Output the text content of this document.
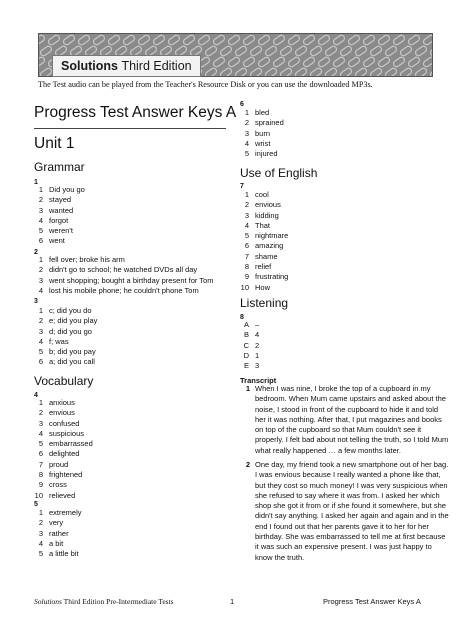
Solutions Third Edition
The Test audio can be played from the Teacher's Resource Disk or you can use the downloaded MP3s.
Progress Test Answer Keys A
Unit 1
Grammar
1
1 Did you go
2 stayed
3 wanted
4 forgot
5 weren't
6 went
2
1 fell over; broke his arm
2 didn't go to school; he watched DVDs all day
3 went shopping; bought a birthday present for Tom
4 lost his mobile phone; he couldn't phone Tom
3
1 c; did you do
2 e; did you play
3 d; did you go
4 f; was
5 b; did you pay
6 a; did you call
Vocabulary
4
1 anxious
2 envious
3 confused
4 suspicious
5 embarrassed
6 delighted
7 proud
8 frightened
9 cross
10 relieved
5
1 extremely
2 very
3 rather
4 a bit
5 a little bit
6
1 bled
2 sprained
3 burn
4 wrist
5 injured
Use of English
7
1 cool
2 envious
3 kidding
4 That
5 nightmare
6 amazing
7 shame
8 relief
9 frustrating
10 How
Listening
8
A –
B 4
C 2
D 1
E 3
Transcript
1 When I was nine, I broke the top of a cupboard in my bedroom. When Mum came upstairs and asked about the noise, I stood in front of the cupboard to hide it and told her it was nothing. After that, I put magazines and books on top of the cupboard so that Mum couldn't see it properly. I felt bad about not telling the truth, so I told Mum what really happened … a few months later.
2 One day, my friend took a new smartphone out of her bag. I was envious because I really wanted a phone like that, but they cost so much money! I was very suspicious when she refused to say where it was from. I asked her which shop she got it from or if she found it somewhere, but she didn't say anything. I asked her again and again and in the end I found out that her parents gave it to her for her birthday. She was embarrassed to tell me at first because it was such an expensive present. I was just happy to know the truth.
Solutions Third Edition Pre-Intermediate Tests	1	Progress Test Answer Keys A
